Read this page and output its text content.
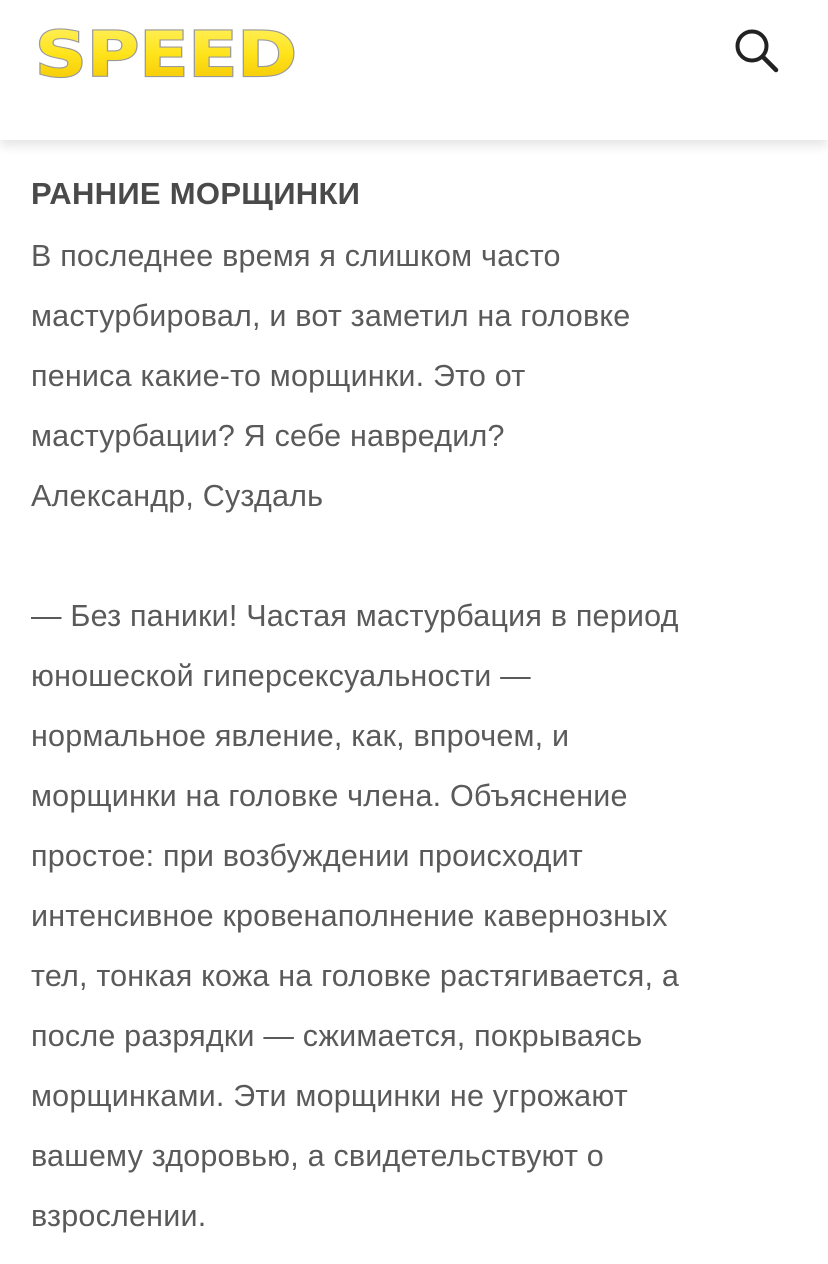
SPEED
РАННИЕ МОРЩИНКИ

В последнее время я слишком часто
мастурбировал, и вот заметил на головке
пениса какие-то морщинки. Это от
мастурбации? Я себе навредил?
Александр, Суздаль

— Без паники! Частая мастурбация в период
юношеской гиперсексуальности —
нормальное явление, как, впрочем, и
морщинки на головке члена. Объяснение
простое: при возбуждении происходит
интенсивное кровенаполнение кавернозных
тел, тонкая кожа на головке растягивается, а
после разрядки — сжимается, покрываясь
морщинками. Эти морщинки не угрожают
вашему здоровью, а свидетельствуют о
взрослении.
